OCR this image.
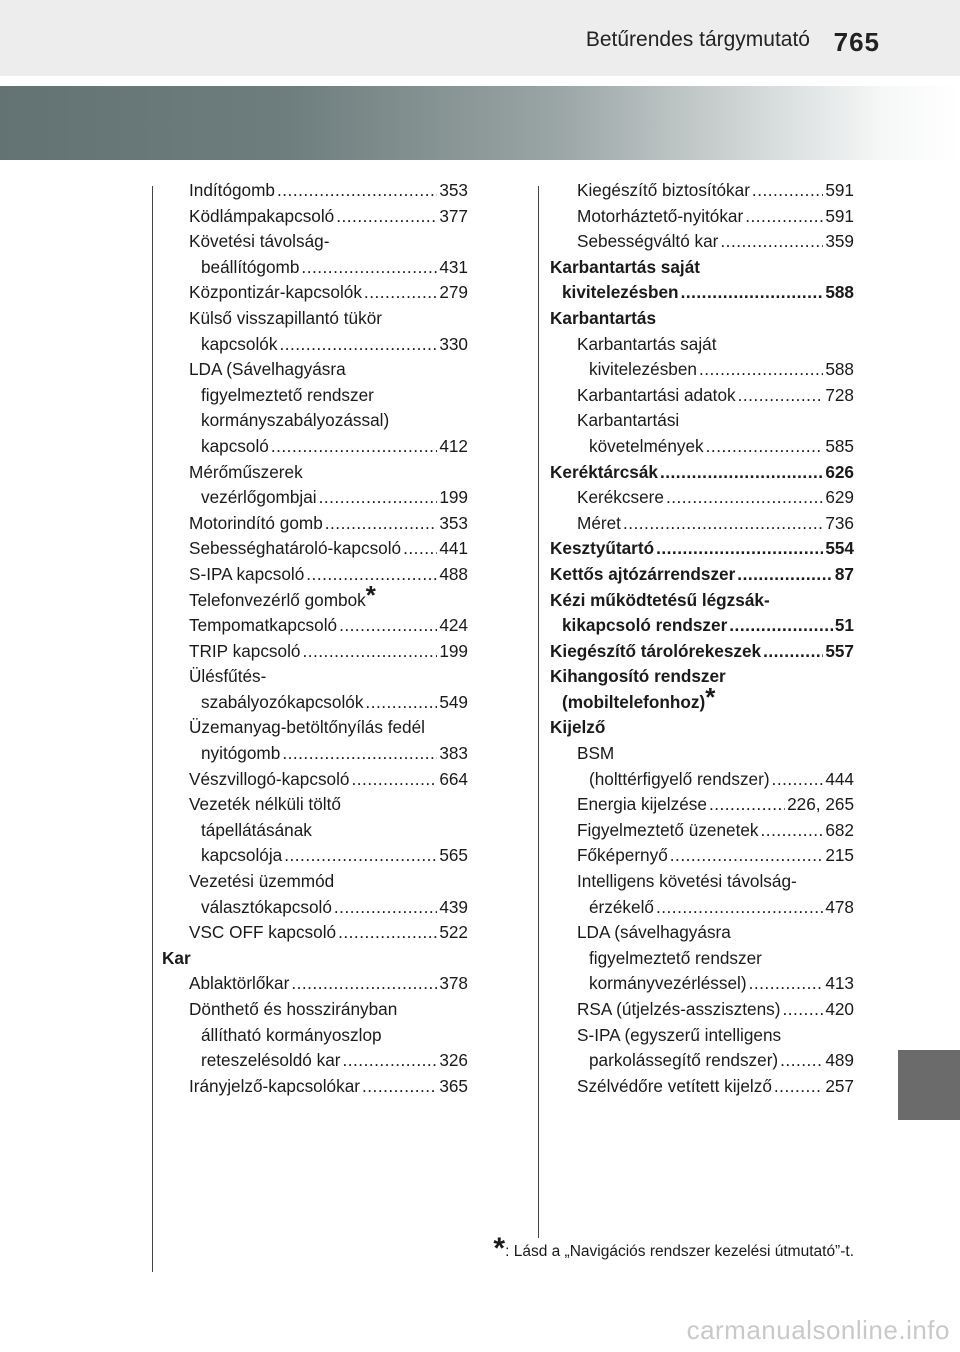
Betűrendes tárgymutató 765
Indítógomb .....	353
Ködlámpakapcsoló .....	377
Követési távolság-
beállítógomb .....	431
Központizár-kapcsolók .....	279
Külső visszapillantó tükör
kapcsolók .....	330
LDA (Sávelhagyásra
figyelmeztető rendszer
kormányszabályozással)
kapcsoló .....	412
Mérőműszerek
vezérlőgombjai .....	199
Motorindító gomb .....	353
Sebességhatároló-kapcsoló ..... 441
S-IPA kapcsoló .....	488
Telefonvezérlő gombok*
Tempomatkapcsoló .....	424
TRIP kapcsoló .....	199
Ülésfűtés-
szabályozókapcsolók .....	549
Üzemanyag-betöltőnyílás fedél
nyitógomb .....	383
Vészvillogó-kapcsoló .....	664
Vezeték nélküli töltő
tápellátásának
kapcsolója .....	565
Vezetési üzemmód
választókapcsoló .....	439
VSC OFF kapcsoló .....	522
Kar
Ablaktörlőkar .....	378
Dönthető és hosszirányban
állítható kormányoszlop
reteszelésoldó kar .....	326
Irányjelző-kapcsolókar .....	365
Kiegészítő biztosítókar .....	591
Motorháztető-nyitókar .....	591
Sebességváltó kar .....	359
Karbantartás saját
kivitelezésben .....	588
Karbantartás
Karbantartás saját
kivitelezésben .....	588
Karbantartási adatok .....	728
Karbantartási
követelmények .....	585
Keréktárcsák .....	626
Kerékcsere .....	629
Méret .....	736
Kesztyűtartó .....	554
Kettős ajtózárrendszer .....	87
Kézi működtetésű légzsák-
kikapcsoló rendszer .....	51
Kiegészítő tárolórekeszek .....	557
Kihangosító rendszer
(mobiltelefonhoz)*
Kijelző
BSM
(holttérfigyelő rendszer) .....	444
Energia kijelzése .....	226, 265
Figyelmeztető üzenetek .....	682
Főképernyő .....	215
Intelligens követési távolság-
érzékelő .....	478
LDA (sávelhagyásra
figyelmeztető rendszer
kormányvezérléssel) .....	413
RSA (útjelzés-asszisztens) .....	420
S-IPA (egyszerű intelligens
parkolássegítő rendszer) .....	489
Szélvédőre vetített kijelző .....	257
*: Lásd a „Navigációs rendszer kezelési útmutató”-t.
carmanualsonline.info
